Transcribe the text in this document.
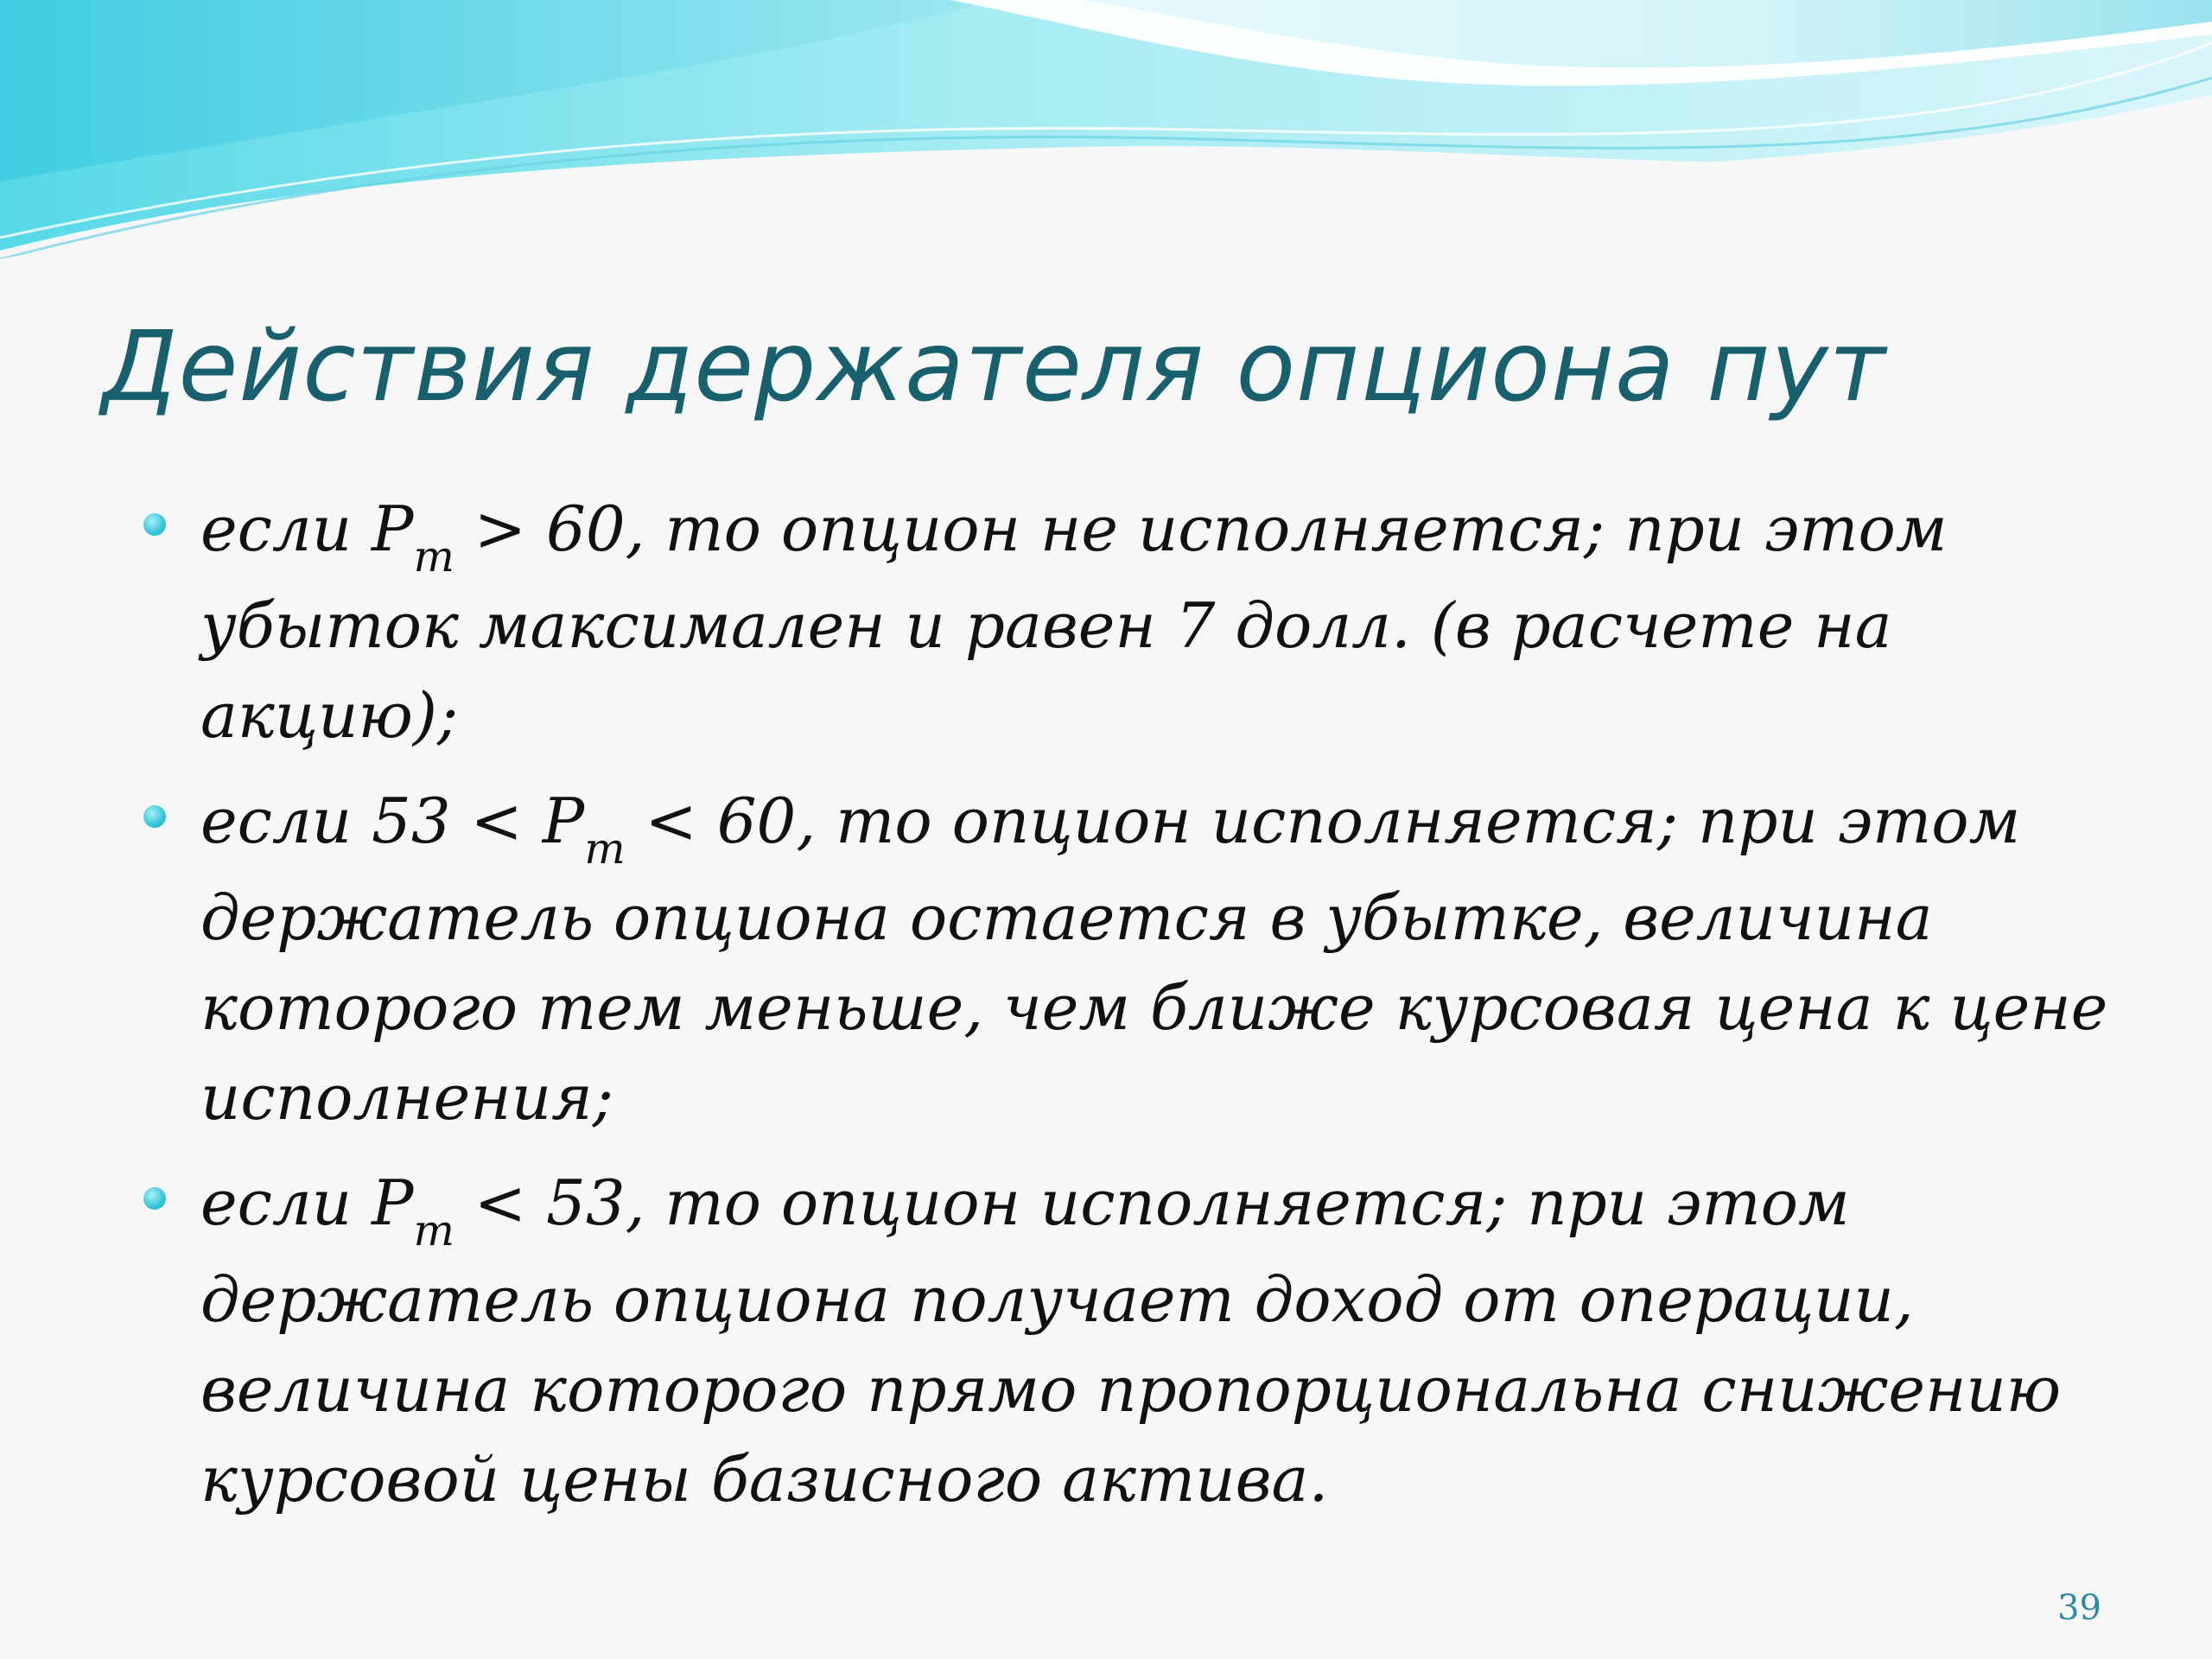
Действия держателя опциона пут
если $P_m > 60$, то опцион не исполняется; при этом
убыток максимален и равен 7 долл. (в расчете на
акцию);
если $53 < P_m < 60$, то опцион исполняется; при этом
держатель опциона остается в убытке, величина
которого тем меньше, чем ближе курсовая цена к цене
исполнения;
если $P_m < 53$, то опцион исполняется; при этом
держатель опциона получает доход от операции,
величина которого прямо пропорциональна снижению
курсовой цены базисного актива.
39
